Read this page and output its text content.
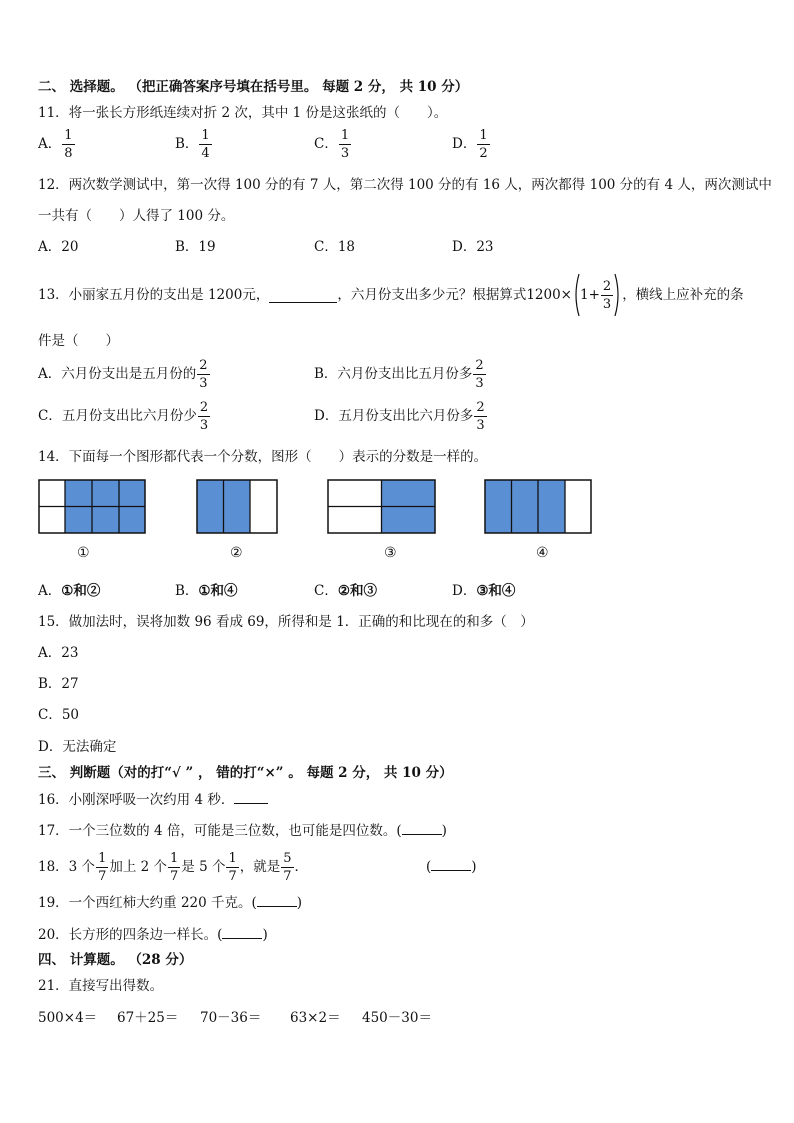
二、 选择题。 （把正确答案序号填在括号里。 每题 2 分， 共 10 分）
11．将一张长方形纸连续对折 2 次，其中 1 份是这张纸的（　　）。
A． $\frac{1}{8}$	B． $\frac{1}{4}$	C． $\frac{1}{3}$	D． $\frac{1}{2}$
12．两次数学测试中，第一次得 100 分的有 7 人，第二次得 100 分的有 16 人，两次都得 100 分的有 4 人，两次测试中
一共有（　　）人得了 100 分。
A．20	B．19	C．18	D．23
13．小丽家五月份的支出是 1200元，	，六月份支出多少元？根据算式 $1200\times 1+ \frac{2}{3}$ ，横线上应补充的条
件是（　　）
A．六月份支出是五月份的 $\frac{2}{3}$	B．六月份支出比五月份多 $\frac{2}{3}$
C．五月份支出比六月份少 $\frac{2}{3}$	D．五月份支出比六月份多 $\frac{2}{3}$
14．下面每一个图形都代表一个分数，图形（　　）表示的分数是一样的。
①	②	③	④
A．①和②	B．①和④	C．②和③	D．③和④
15．做加法时，误将加数 96 看成 69，所得和是 1．正确的和比现在的和多（　）
A．23
B．27
C．50
D．无法确定
三、 判断题（对的打“√ ” ， 错的打“×” 。 每题 2 分， 共 10 分）
16．小刚深呼吸一次约用 4 秒．
17．一个三位数的 4 倍，可能是三位数，也可能是四位数。(	)
18．3 个 $\frac{1}{7}$ 加上 2 个 $\frac{1}{7}$ 是 5 个 $\frac{1}{7}$ ，就是 $\frac{5}{7}$ ．	(	)
19．一个西红柿大约重 220 千克。(	)
20．长方形的四条边一样长。(	)
四、 计算题。 （28 分）
21．直接写出得数。
500×4＝ 67＋25＝ 70－36＝ 63×2＝ 450－30＝
